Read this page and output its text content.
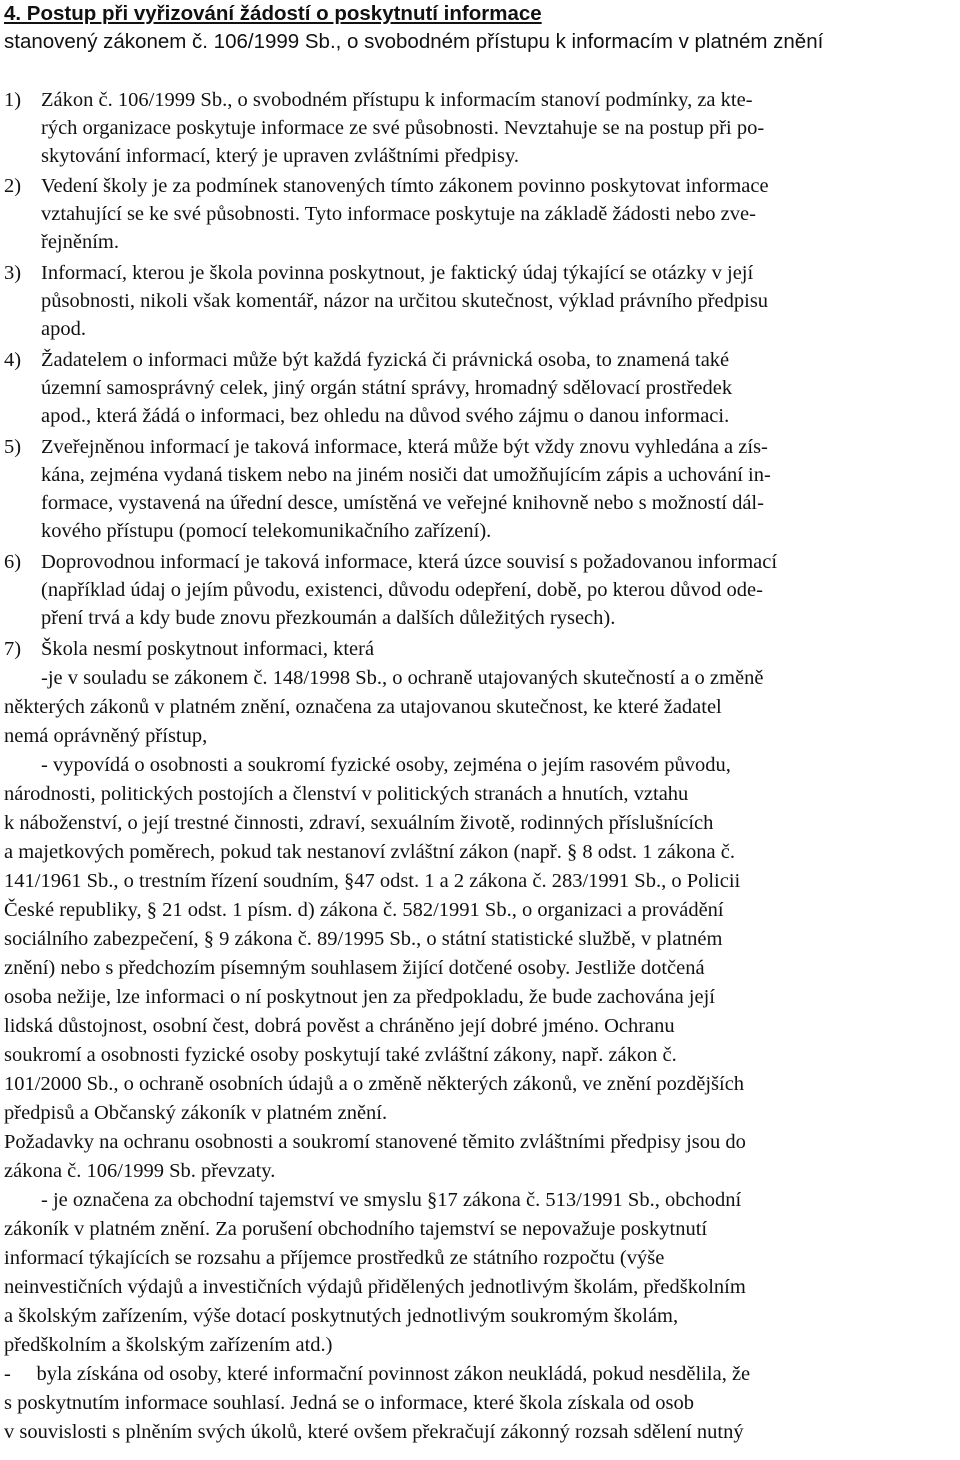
4. Postup při vyřizování žádostí o poskytnutí informace
stanovený zákonem č. 106/1999 Sb., o svobodném přístupu k informacím v platném znění
1) Zákon č. 106/1999 Sb., o svobodném přístupu k informacím stanoví podmínky, za kte-
rých organizace poskytuje informace ze své působnosti. Nevztahuje se na postup při po-
skytování informací, který je upraven zvláštními předpisy.
2) Vedení školy je za podmínek stanovených tímto zákonem povinno poskytovat informace
vztahující se ke své působnosti. Tyto informace poskytuje na základě žádosti nebo zve-
řejněním.
3) Informací, kterou je škola povinna poskytnout, je faktický údaj týkající se otázky v její
působnosti, nikoli však komentář, názor na určitou skutečnost, výklad právního předpisu
apod.
4) Žadatelem o informaci může být každá fyzická či právnická osoba, to znamená také
územní samosprávný celek, jiný orgán státní správy, hromadný sdělovací prostředek
apod., která žádá o informaci, bez ohledu na důvod svého zájmu o danou informaci.
5) Zveřejněnou informací je taková informace, která může být vždy znovu vyhledána a zís-
kána, zejména vydaná tiskem nebo na jiném nosiči dat umožňujícím zápis a uchování in-
formace, vystavená na úřední desce, umístěná ve veřejné knihovně nebo s možností dál-
kového přístupu (pomocí telekomunikačního zařízení).
6) Doprovodnou informací je taková informace, která úzce souvisí s požadovanou informací
(například údaj o jejím původu, existenci, důvodu odepření, době, po kterou důvod ode-
pření trvá a kdy bude znovu přezkoumán a dalších důležitých rysech).
7) Škola nesmí poskytnout informaci, která
-je v souladu se zákonem č. 148/1998 Sb., o ochraně utajovaných skutečností a o změně
některých zákonů v platném znění, označena za utajovanou skutečnost, ke které žadatel
nemá oprávněný přístup,
- vypovídá o osobnosti a soukromí fyzické osoby, zejména o jejím rasovém původu,
národnosti, politických postojích a členství v politických stranách a hnutích, vztahu
k náboženství, o její trestné činnosti, zdraví, sexuálním životě, rodinných příslušnících
a majetkových poměrech, pokud tak nestanoví zvláštní zákon (např. § 8 odst. 1 zákona č.
141/1961 Sb., o trestním řízení soudním, §47 odst. 1 a 2 zákona č. 283/1991 Sb., o Policii
České republiky, § 21 odst. 1 písm. d) zákona č. 582/1991 Sb., o organizaci a provádění
sociálního zabezpečení, § 9 zákona č. 89/1995 Sb., o státní statistické službě, v platném
znění) nebo s předchozím písemným souhlasem žijící dotčené osoby. Jestliže dotčená
osoba nežije, lze informaci o ní poskytnout jen za předpokladu, že bude zachována její
lidská důstojnost, osobní čest, dobrá pověst a chráněno její dobré jméno. Ochranu
soukromí a osobnosti fyzické osoby poskytují také zvláštní zákony, např. zákon č.
101/2000 Sb., o ochraně osobních údajů a o změně některých zákonů, ve znění pozdějších
předpisů a Občanský zákoník v platném znění.
Požadavky na ochranu osobnosti a soukromí stanovené těmito zvláštními předpisy jsou do
zákona č. 106/1999 Sb. převzaty.
- je označena za obchodní tajemství ve smyslu §17 zákona č. 513/1991 Sb., obchodní
zákoník v platném znění. Za porušení obchodního tajemství se nepovažuje poskytnutí
informací týkajících se rozsahu a příjemce prostředků ze státního rozpočtu (výše
neinvestičních výdajů a investičních výdajů přidělených jednotlivým školám, předškolním
a školským zařízením, výše dotací poskytnutých jednotlivým soukromým školám,
předškolním a školským zařízením atd.)
-     byla získána od osoby, které informační povinnost zákon neukládá, pokud nesdělila, že
s poskytnutím informace souhlasí. Jedná se o informace, které škola získala od osob
v souvislosti s plněním svých úkolů, které ovšem překračují zákonný rozsah sdělení nutný
